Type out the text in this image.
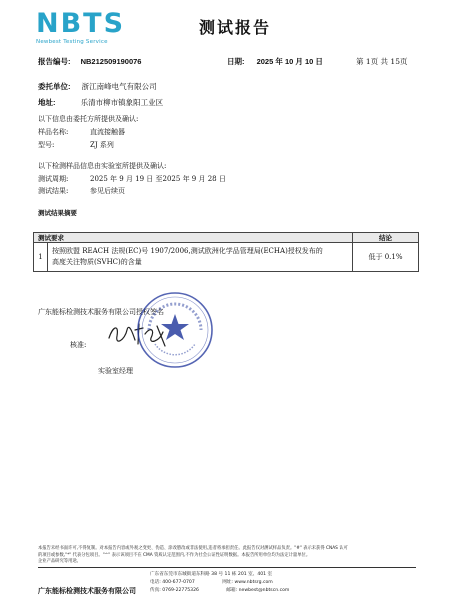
NBTS
Newbest Testing Service
测试报告
报告编号: NB212509190076	日期: 2025 年 10 月 10 日	第 1页 共 15页
委托单位: 浙江南峰电气有限公司
地址:	乐清市柳市镇象阳工业区
以下信息由委托方所提供及确认:
样品名称:	直流接触器
型号:	ZJ 系列
以下检测样品信息由实验室所提供及确认:
测试周期:	2025 年 9 月 19 日 至2025 年 9 月 28 日
测试结果:	参见后续页
测试结果摘要
测试要求		结论
1	按照欧盟 REACH 法规(EC)号 1907/2006,测试欧洲化学品管理局(ECHA)授权发布的
高度关注物质(SVHC)的含量	低于 0.1%
广东能标检测技术服务有限公司授权签名
核准:
实验室经理
本报告未经书面许可,不得复制。对本报告内容或外观之变更、伪造、涂改篡改或非法使用,违者将承担责任。此报告仅对测试样品负责。"#" 表示未获得 CNAS 认可
的项目或参数,"*" 代表分包项目。"^" 表示该项目不在 CMA 资质认定范围内,不作为社会公证性证明数据。本报告所用单位均为法定计量单位。
企业产品研究等用途。
广东能标检测技术服务有限公司
广东省东莞市东城街道东科路 38 号 11 栋 201 室、401 室
电话: 400-677-0707	网址: www.nbtsrg.com
传真: 0769-22775326	邮箱: newbest@nbtscn.com
